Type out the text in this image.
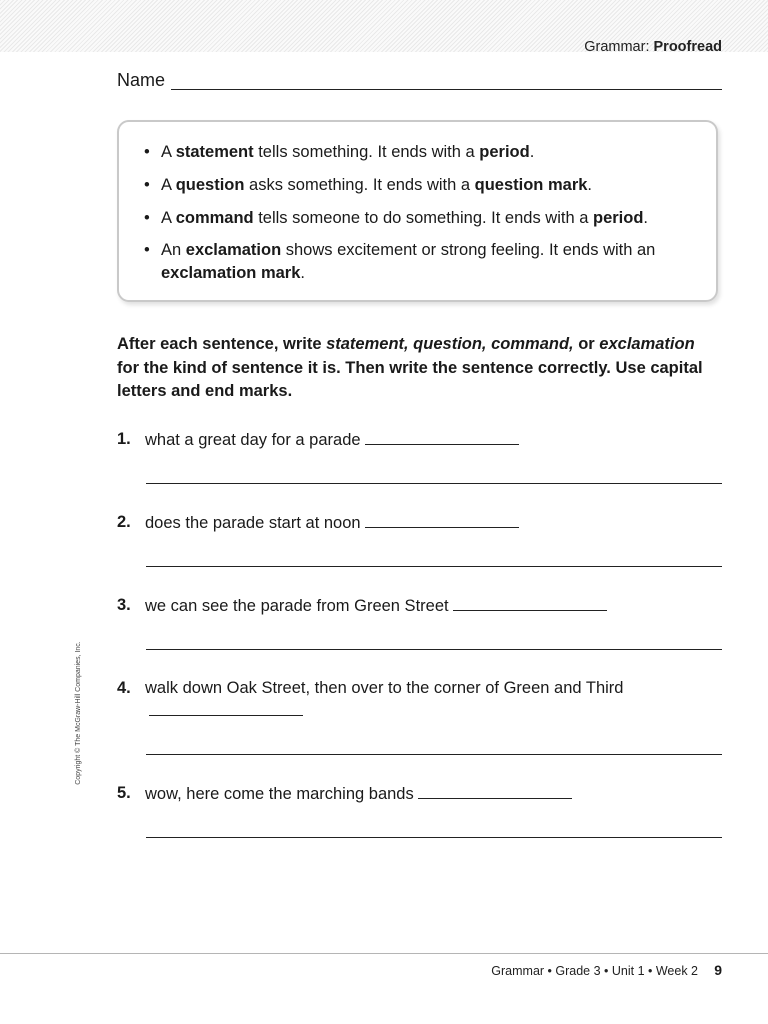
Grammar: Proofread
Name
• A statement tells something. It ends with a period.
• A question asks something. It ends with a question mark.
• A command tells someone to do something. It ends with a period.
• An exclamation shows excitement or strong feeling. It ends with an exclamation mark.
After each sentence, write statement, question, command, or exclamation for the kind of sentence it is. Then write the sentence correctly. Use capital letters and end marks.
1. what a great day for a parade
2. does the parade start at noon
3. we can see the parade from Green Street
4. walk down Oak Street, then over to the corner of Green and Third
5. wow, here come the marching bands
Copyright © The McGraw-Hill Companies, Inc.
Grammar • Grade 3 • Unit 1 • Week 2 9
